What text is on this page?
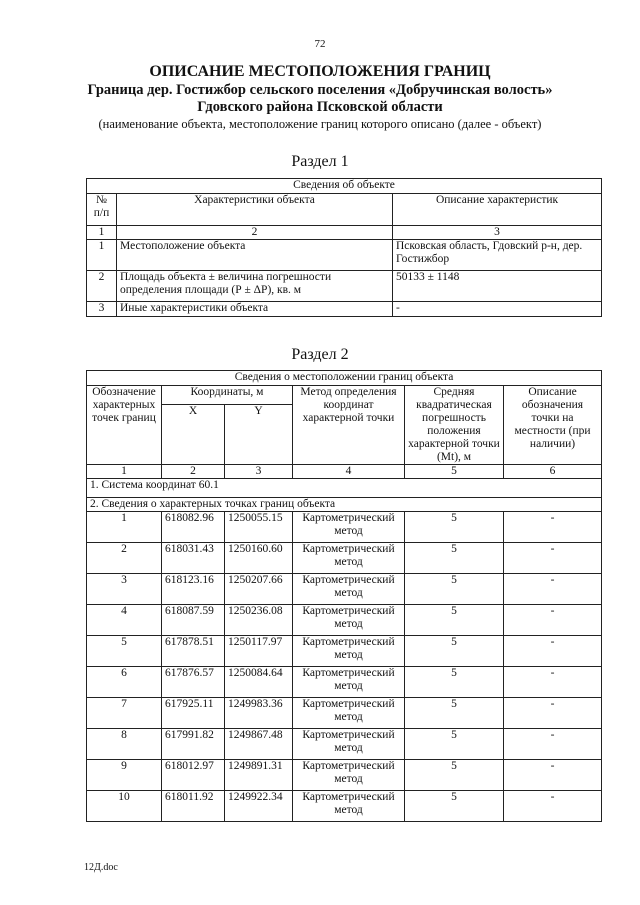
72
ОПИСАНИЕ МЕСТОПОЛОЖЕНИЯ ГРАНИЦ
Граница дер. Гостижбор сельского поселения «Добручинская волость»
Гдовского района Псковской области
(наименование объекта, местоположение границ которого описано (далее - объект)
Раздел 1
Сведения об объекте		
№ п/п	Характеристики объекта	Описание характеристик
1	2	3
1	Местоположение объекта	Псковская область, Гдовский р-н, дер. Гостижбор
2	Площадь объекта ± величина погрешности определения площади (Р ± ΔР), кв. м	50133 ± 1148
3	Иные характеристики объекта	-
Раздел 2
Сведения о местоположении границ объекта					
Обозначение характерных точек границ	Координаты, м		Метод определения координат характерной точки	Средняя квадратическая погрешность положения характерной точки (Mt), м	Описание обозначения точки на местности (при наличии)
	X	Y			
1	2	3	4	5	6
1. Система координат 60.1					
2. Сведения о характерных точках границ объекта					
1	618082.96	1250055.15	Картометрический метод	5	-
2	618031.43	1250160.60	Картометрический метод	5	-
3	618123.16	1250207.66	Картометрический метод	5	-
4	618087.59	1250236.08	Картометрический метод	5	-
5	617878.51	1250117.97	Картометрический метод	5	-
6	617876.57	1250084.64	Картометрический метод	5	-
7	617925.11	1249983.36	Картометрический метод	5	-
8	617991.82	1249867.48	Картометрический метод	5	-
9	618012.97	1249891.31	Картометрический метод	5	-
10	618011.92	1249922.34	Картометрический метод	5	-
12Д.doc
